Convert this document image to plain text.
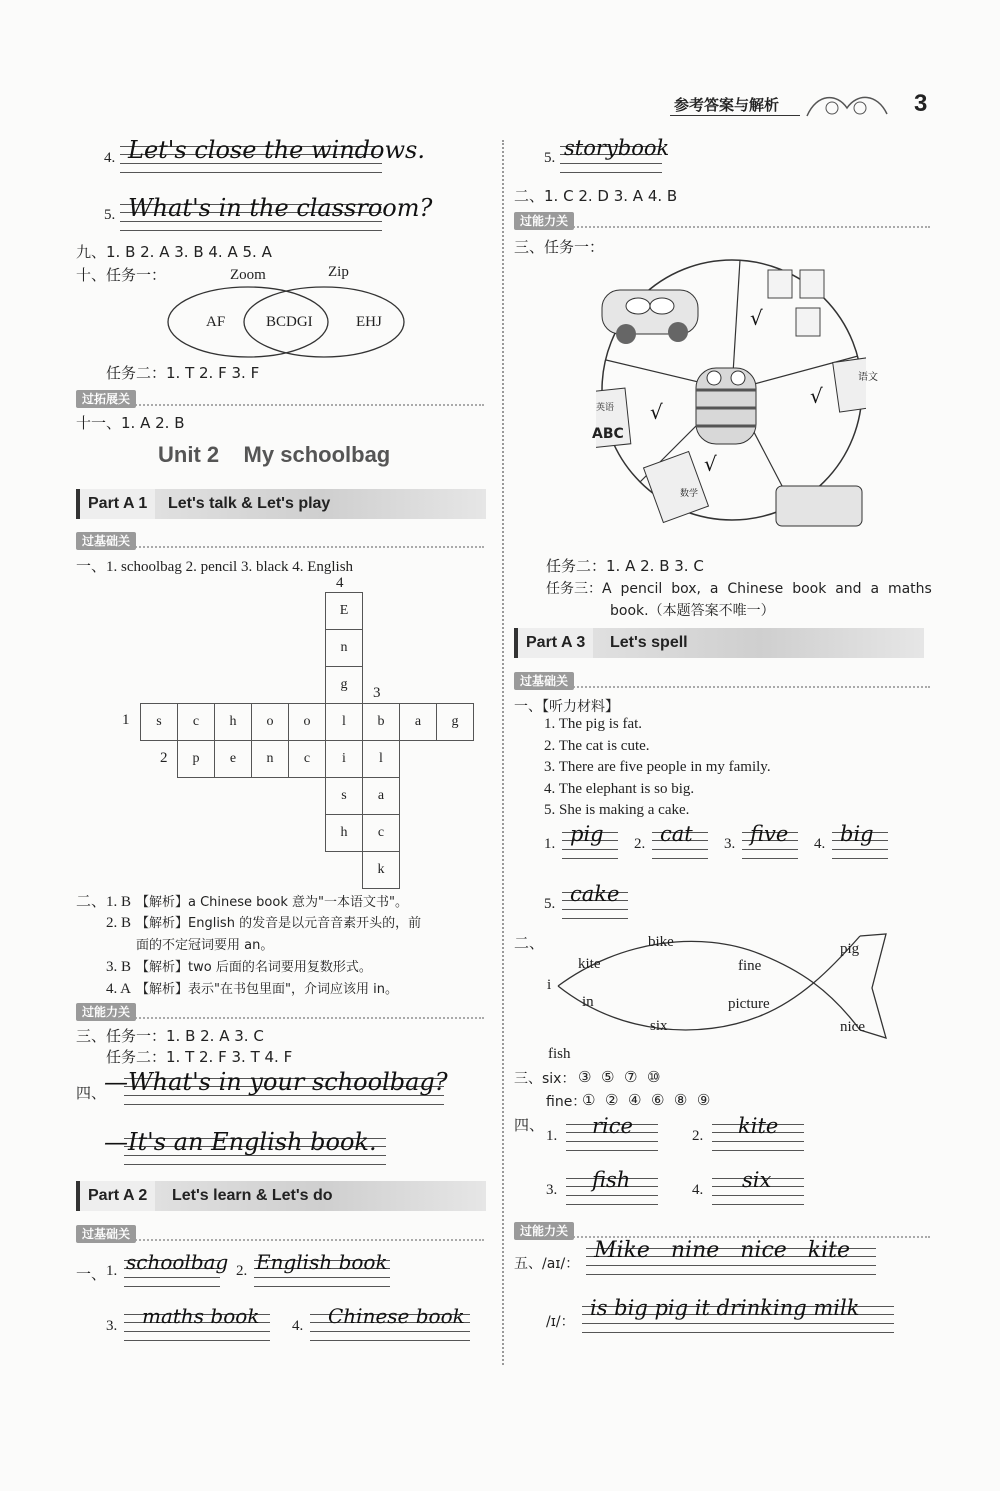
参考答案与解析	3
4. Let's close the windows.
5. What's in the classroom?
九、1. B 2. A 3. B 4. A 5. A
十、任务一：	Zoom	Zip
AF	BCDGI	EHJ
任务二：1. T 2. F 3. F
过拓展关
十一、1. A 2. B
Unit 2    My schoolbag
Part A 1	Let's talk & Let's play
过基础关
一、1. schoolbag 2. pencil 3. black 4. English
4
3
1
2
					E			
					n			
					g			
s	c	h	o	o	l	b	a	g
	p	e	n	c	i	l		
					s	a		
					h	c		
						k		
二、1. B 【解析】a Chinese book 意为"一本语文书"。
2. B 【解析】English 的发音是以元音音素开头的，前
面的不定冠词要用 an。
3. B 【解析】two 后面的名词要用复数形式。
4. A 【解析】表示"在书包里面"，介词应该用 in。
过能力关
三、任务一：1. B 2. A 3. C
任务二：1. T 2. F 3. T 4. F
四、
—What's in your schoolbag?
—It's an English book.
Part A 2	Let's learn & Let's do
过基础关
一、 1. schoolbag 2. English book
3. maths book 4. Chinese book
5. storybook
二、1. C 2. D 3. A 4. B
过能力关
三、任务一：
√
√
√
√
语文
英语
ABC
数学
任务二：1. A 2. B 3. C
任务三：A  pencil  box,  a  Chinese  book  and  a  maths
book.（本题答案不唯一）
Part A 3	Let's spell
过基础关
一、【听力材料】
1. The pig is fat.
2. The cat is cute.
3. There are five people in my family.
4. The elephant is so big.
5. She is making a cake.
1. pig 2. cat 3. five 4. big
5. cake
二、
i
kite
bike
fine
pig
in	picture
six	nice
fish
三、six： ③  ⑤  ⑦  ⑩
fine：
①  ②  ④  ⑥  ⑧  ⑨
四、
1. rice	2. kite
3. fish	4. six
过能力关
五、/aɪ/：
Mike   nine   nice   kite
/ɪ/：
is big pig it drinking milk
